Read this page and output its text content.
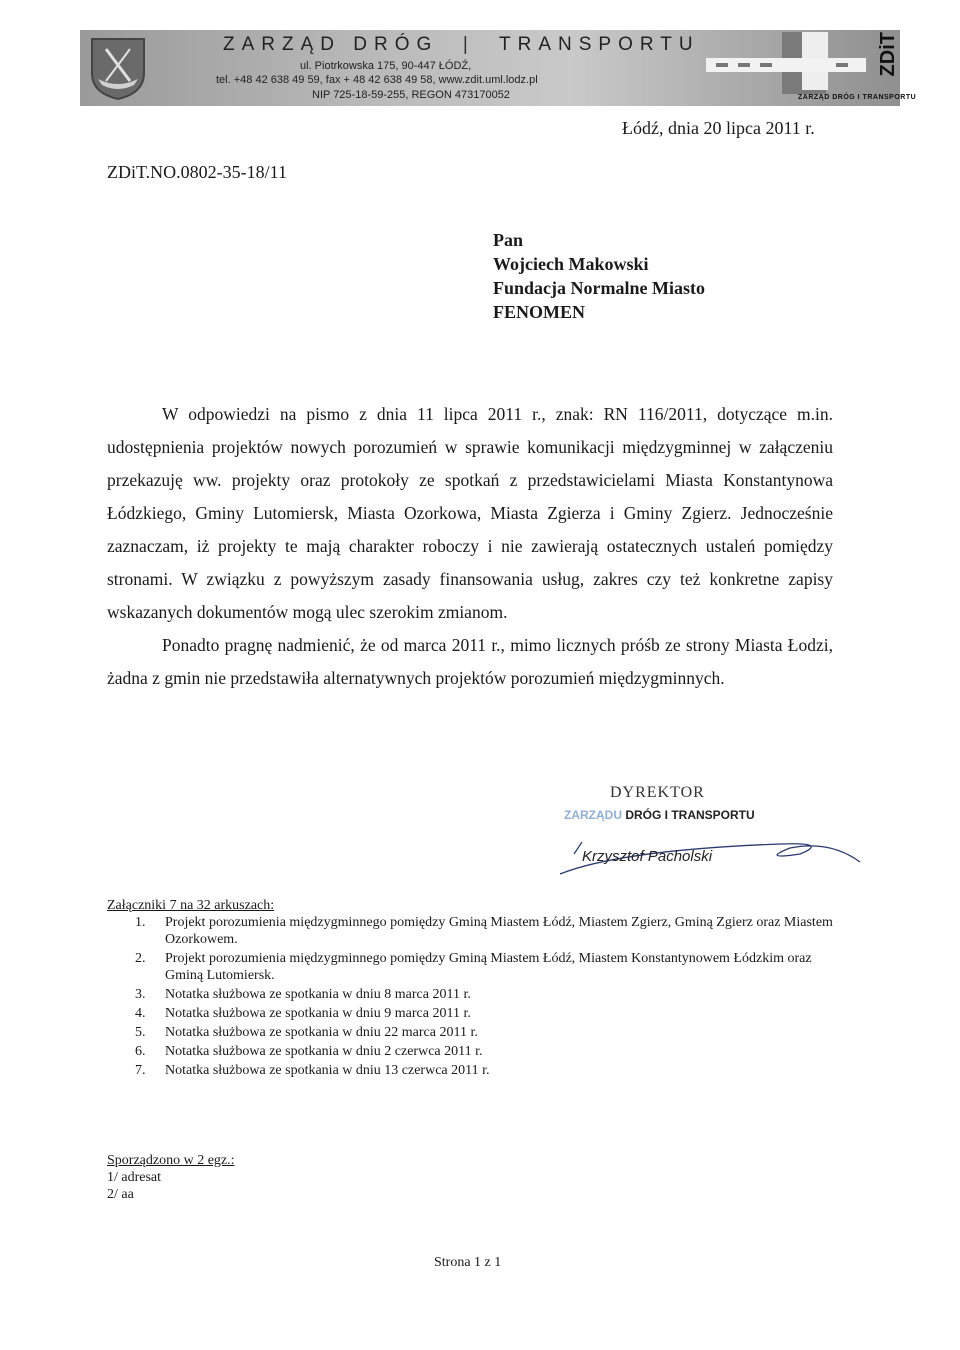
ZARZĄD DRÓG  |  TRANSPORTU
ul. Piotrkowska 175, 90-447 ŁÓDŹ,
tel. +48 42 638 49 59, fax + 48 42 638 49 58, www.zdit.uml.lodz.pl
NIP 725-18-59-255, REGON 473170052	ZARZĄD DRÓG I TRANSPORTU
ZDiT
Łódź, dnia 20 lipca 2011 r.
ZDiT.NO.0802-35-18/11
Pan
Wojciech Makowski
Fundacja Normalne Miasto
FENOMEN

W odpowiedzi na pismo z dnia 11 lipca 2011 r., znak: RN 116/2011, dotyczące m.in. udostępnienia projektów nowych porozumień w sprawie komunikacji międzygminnej w załączeniu przekazuję ww. projekty oraz protokoły ze spotkań z przedstawicielami Miasta Konstantynowa Łódzkiego, Gminy Lutomiersk, Miasta Ozorkowa, Miasta Zgierza i Gminy Zgierz. Jednocześnie zaznaczam, iż projekty te mają charakter roboczy i nie zawierają ostatecznych ustaleń pomiędzy stronami. W związku z powyższym zasady finansowania usług, zakres czy też konkretne zapisy wskazanych dokumentów mogą ulec szerokim zmianom.

Ponadto pragnę nadmienić, że od marca 2011 r., mimo licznych próśb ze strony Miasta Łodzi, żadna z gmin nie przedstawiła alternatywnych projektów porozumień międzygminnych.

DYREKTOR
ZARZĄDU DRÓG I TRANSPORTU
Krzysztof Pacholski
Załączniki 7 na 32 arkuszach:
1. Projekt porozumienia międzygminnego pomiędzy Gminą Miastem Łódź, Miastem Zgierz, Gminą Zgierz oraz Miastem Ozorkowem.
2. Projekt porozumienia międzygminnego pomiędzy Gminą Miastem Łódź, Miastem Konstantynowem Łódzkim oraz Gminą Lutomiersk.
3. Notatka służbowa ze spotkania w dniu 8 marca 2011 r.
4. Notatka służbowa ze spotkania w dniu 9 marca 2011 r.
5. Notatka służbowa ze spotkania w dniu 22 marca 2011 r.
6. Notatka służbowa ze spotkania w dniu 2 czerwca 2011 r.
7. Notatka służbowa ze spotkania w dniu 13 czerwca 2011 r.
Sporządzono w 2 egz.:
1/ adresat
2/ aa
Strona 1 z 1
